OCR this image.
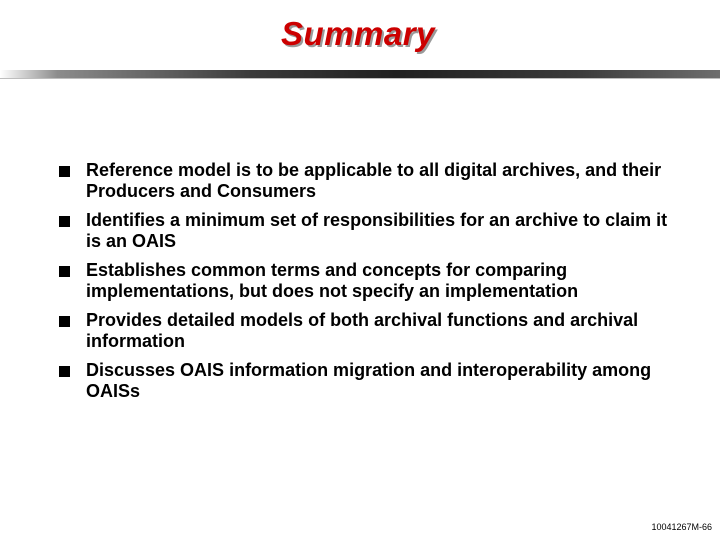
Summary
Reference model is to be applicable to all digital archives, and their Producers and Consumers
Identifies a minimum set of responsibilities for an archive to claim it is an OAIS
Establishes common terms and concepts for comparing implementations, but does not specify an implementation
Provides detailed models of both archival functions and archival information
Discusses OAIS information migration and interoperability among OAISs
10041267M-66
